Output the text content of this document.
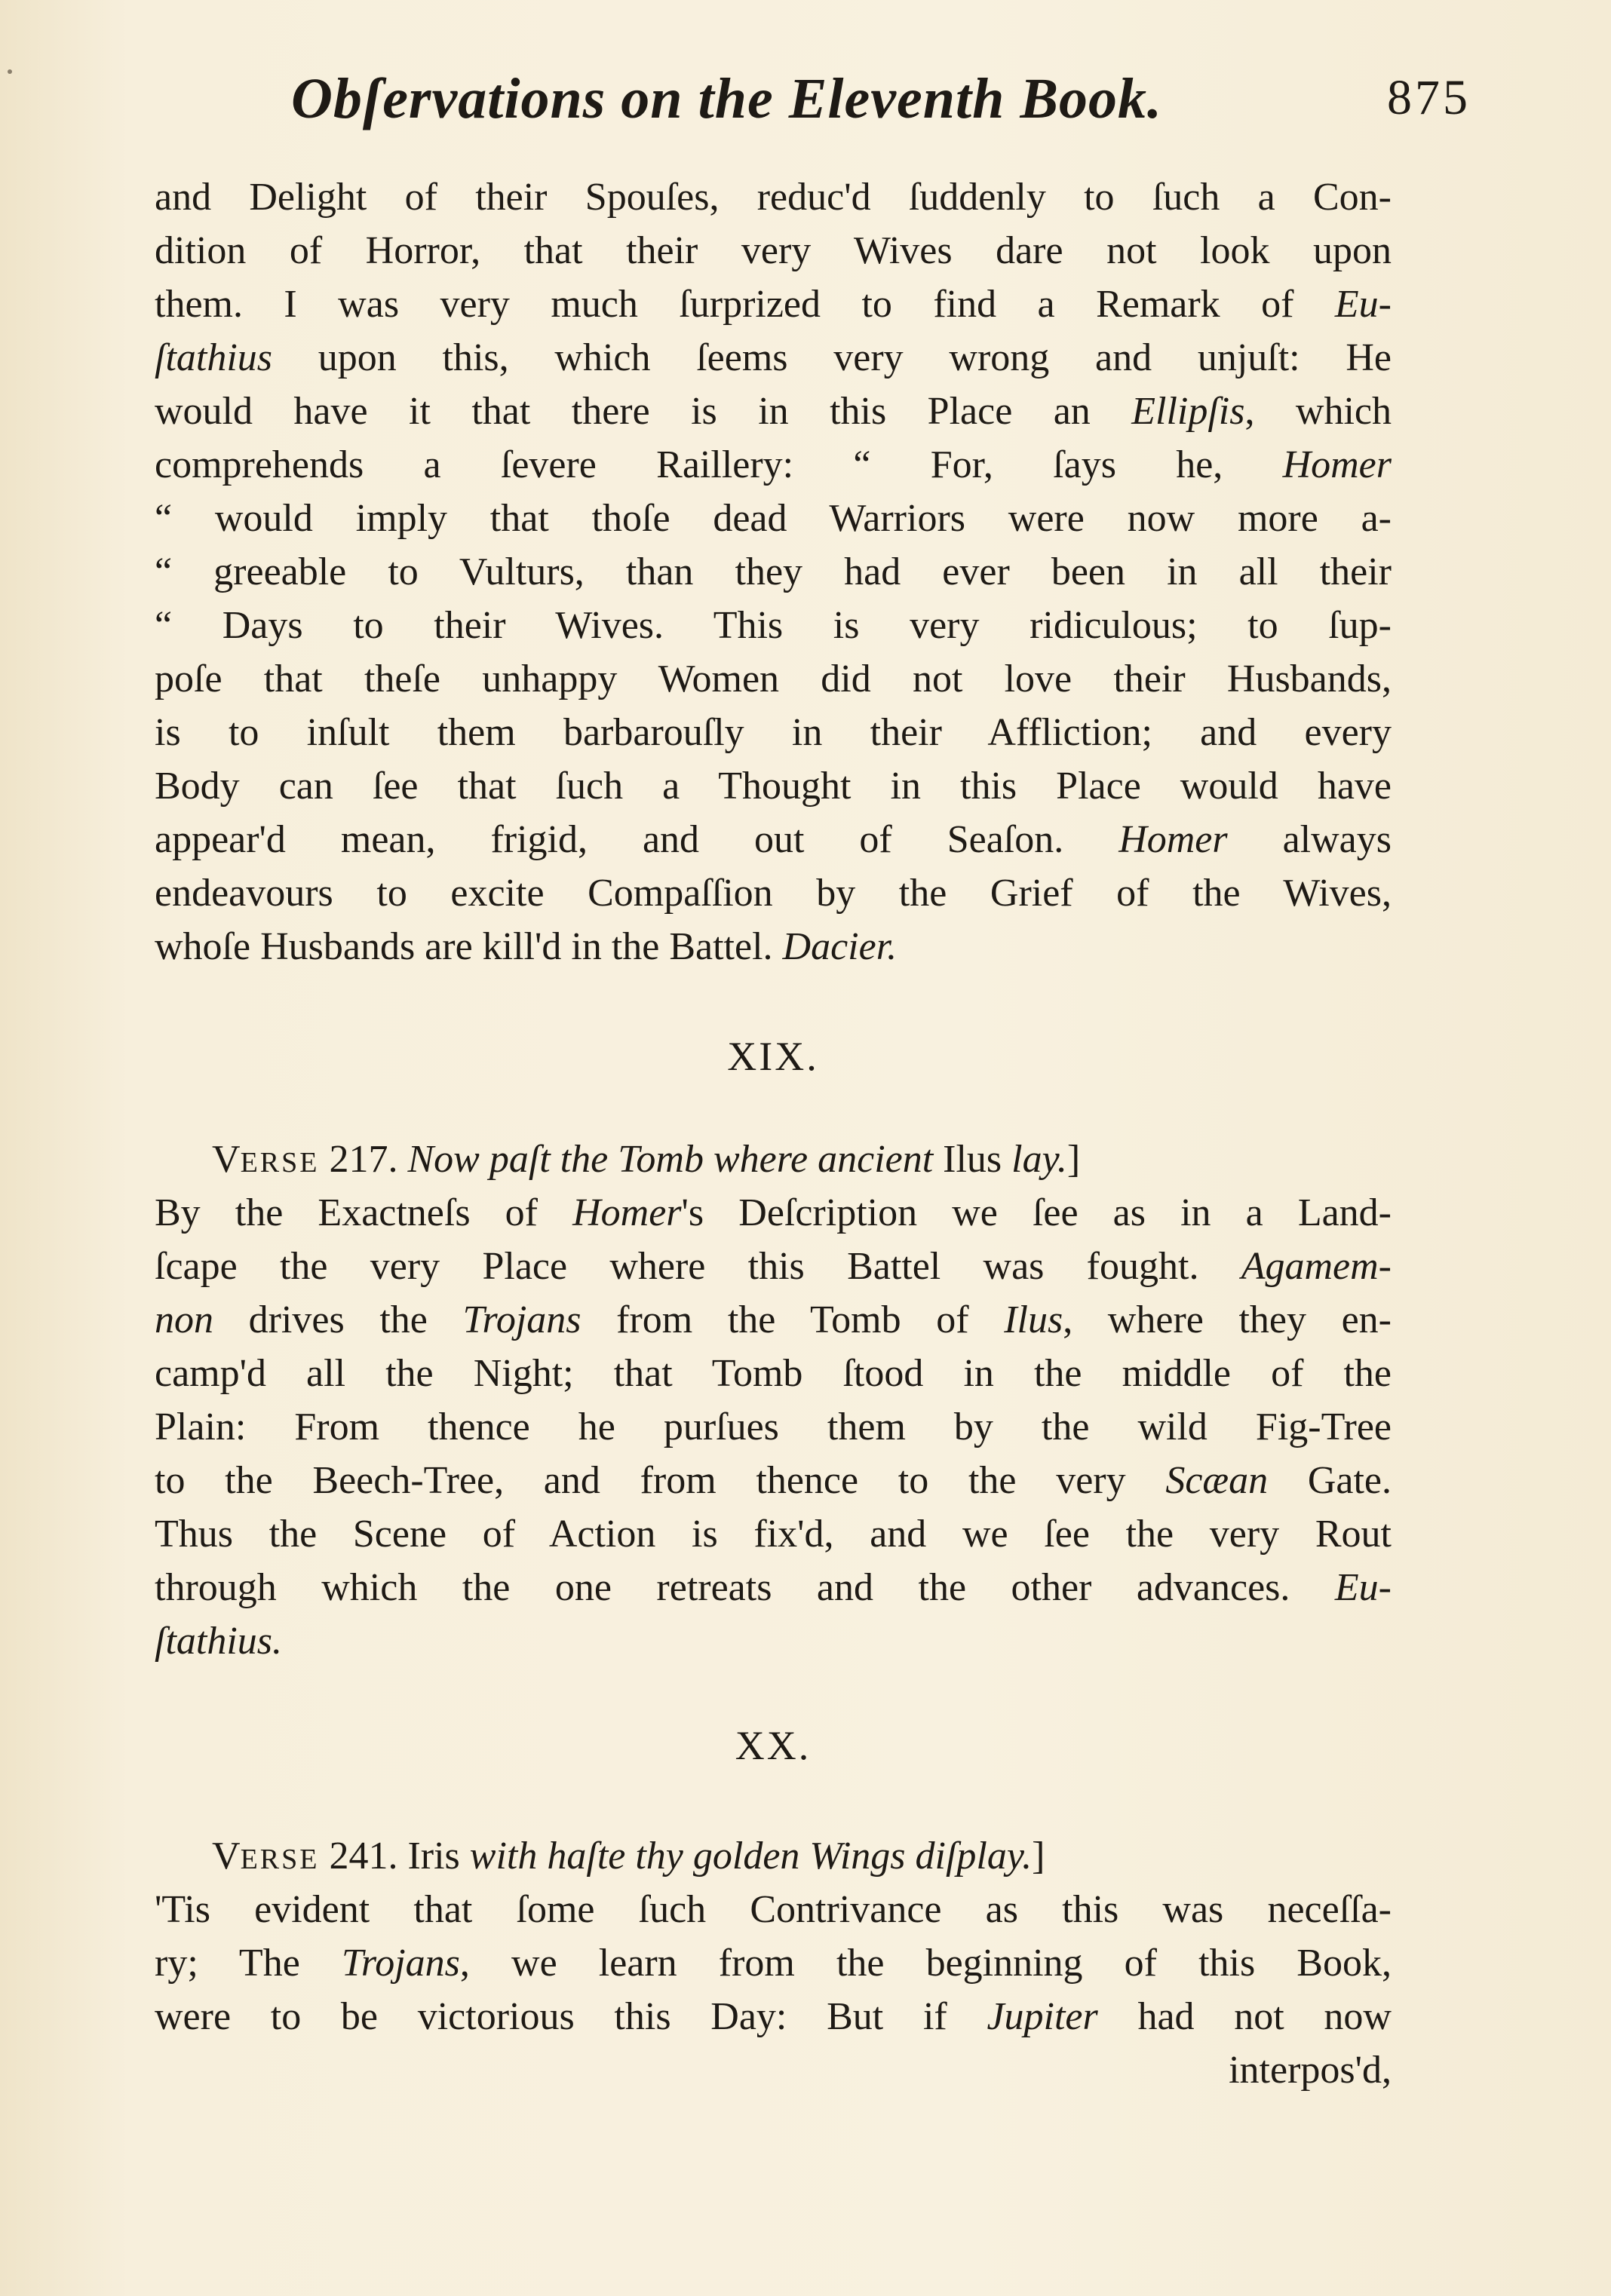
Obſervations on the Eleventh Book.	875
and Delight of their Spouſes, reduc'd ſuddenly to ſuch a Con-
dition of Horror, that their very Wives dare not look upon
them. I was very much ſurprized to find a Remark of Eu-
ſtathius upon this, which ſeems very wrong and unjuſt: He
would have it that there is in this Place an Ellipſis, which
comprehends a ſevere Raillery: “ For, ſays he, Homer
“ would imply that thoſe dead Warriors were now more a-
“ greeable to Vulturs, than they had ever been in all their
“ Days to their Wives. This is very ridiculous; to ſup-
poſe that theſe unhappy Women did not love their Husbands,
is to inſult them barbarouſly in their Affliction; and every
Body can ſee that ſuch a Thought in this Place would have
appear'd mean, frigid, and out of Seaſon. Homer always
endeavours to excite Compaſſion by the Grief of the Wives,
whoſe Husbands are kill'd in the Battel. Dacier.
XIX.
VERSE 217. Now paſt the Tomb where ancient Ilus lay.]
By the Exactneſs of Homer's Deſcription we ſee as in a Land-
ſcape the very Place where this Battel was fought. Agamem-
non drives the Trojans from the Tomb of Ilus, where they en-
camp'd all the Night; that Tomb ſtood in the middle of the
Plain: From thence he purſues them by the wild Fig-Tree
to the Beech-Tree, and from thence to the very Scæan Gate.
Thus the Scene of Action is fix'd, and we ſee the very Rout
through which the one retreats and the other advances. Eu-
ſtathius.
XX.
VERSE 241. Iris with haſte thy golden Wings diſplay.]
'Tis evident that ſome ſuch Contrivance as this was neceſſa-
ry; The Trojans, we learn from the beginning of this Book,
were to be victorious this Day: But if Jupiter had not now
interpos'd,
